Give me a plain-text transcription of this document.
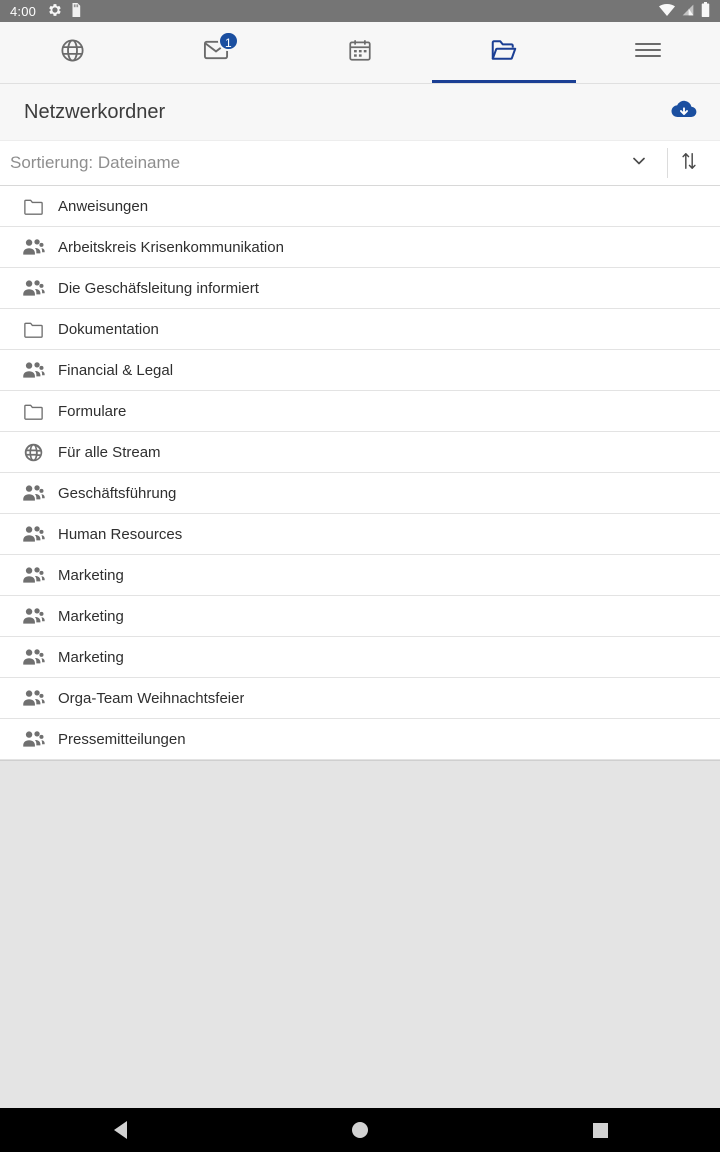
4:00
1
Netzwerkordner
Sortierung: Dateiname
Anweisungen
Arbeitskreis Krisenkommunikation
Die Geschäfsleitung informiert
Dokumentation
Financial & Legal
Formulare
Für alle Stream
Geschäftsführung
Human Resources
Marketing
Marketing
Marketing
Orga-Team Weihnachtsfeier
Pressemitteilungen
